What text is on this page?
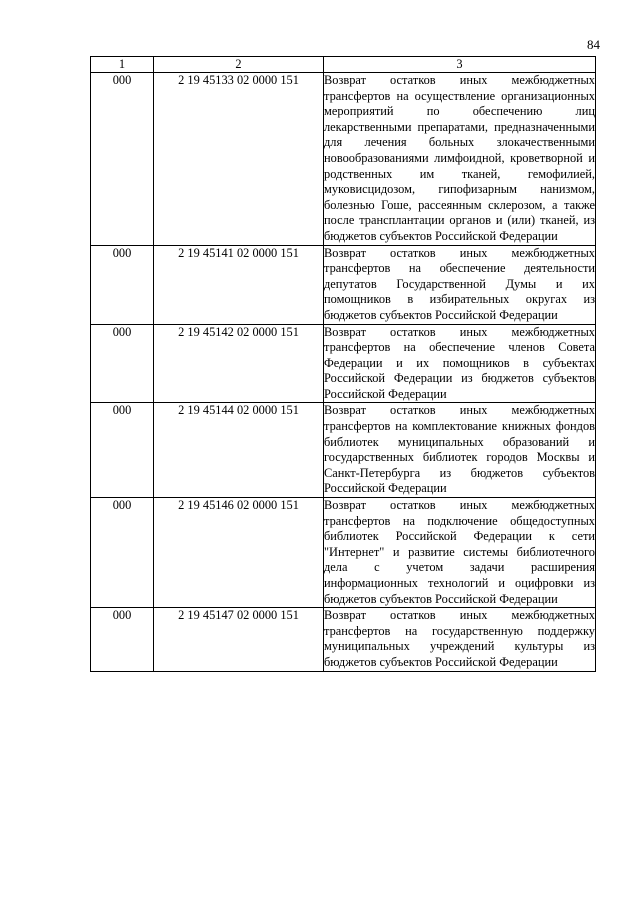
84
1	2	3
000	2 19 45133 02 0000 151	Возврат остатков иных межбюджетных трансфертов на осуществление организационных мероприятий по обеспечению лиц лекарственными препаратами, предназначенными для лечения больных злокачественными новообразованиями лимфоидной, кроветворной и родственных им тканей, гемофилией, муковисцидозом, гипофизарным нанизмом, болезнью Гоше, рассеянным склерозом, а также после трансплантации органов и (или) тканей, из бюджетов субъектов Российской Федерации
000	2 19 45141 02 0000 151	Возврат остатков иных межбюджетных трансфертов на обеспечение деятельности депутатов Государственной Думы и их помощников в избирательных округах из бюджетов субъектов Российской Федерации
000	2 19 45142 02 0000 151	Возврат остатков иных межбюджетных трансфертов на обеспечение членов Совета Федерации и их помощников в субъектах Российской Федерации из бюджетов субъектов Российской Федерации
000	2 19 45144 02 0000 151	Возврат остатков иных межбюджетных трансфертов на комплектование книжных фондов библиотек муниципальных образований и государственных библиотек городов Москвы и Санкт-Петербурга из бюджетов субъектов Российской Федерации
000	2 19 45146 02 0000 151	Возврат остатков иных межбюджетных трансфертов на подключение общедоступных библиотек Российской Федерации к сети "Интернет" и развитие системы библиотечного дела с учетом задачи расширения информационных технологий и оцифровки из бюджетов субъектов Российской Федерации
000	2 19 45147 02 0000 151	Возврат остатков иных межбюджетных трансфертов на государственную поддержку муниципальных учреждений культуры из бюджетов субъектов Российской Федерации
